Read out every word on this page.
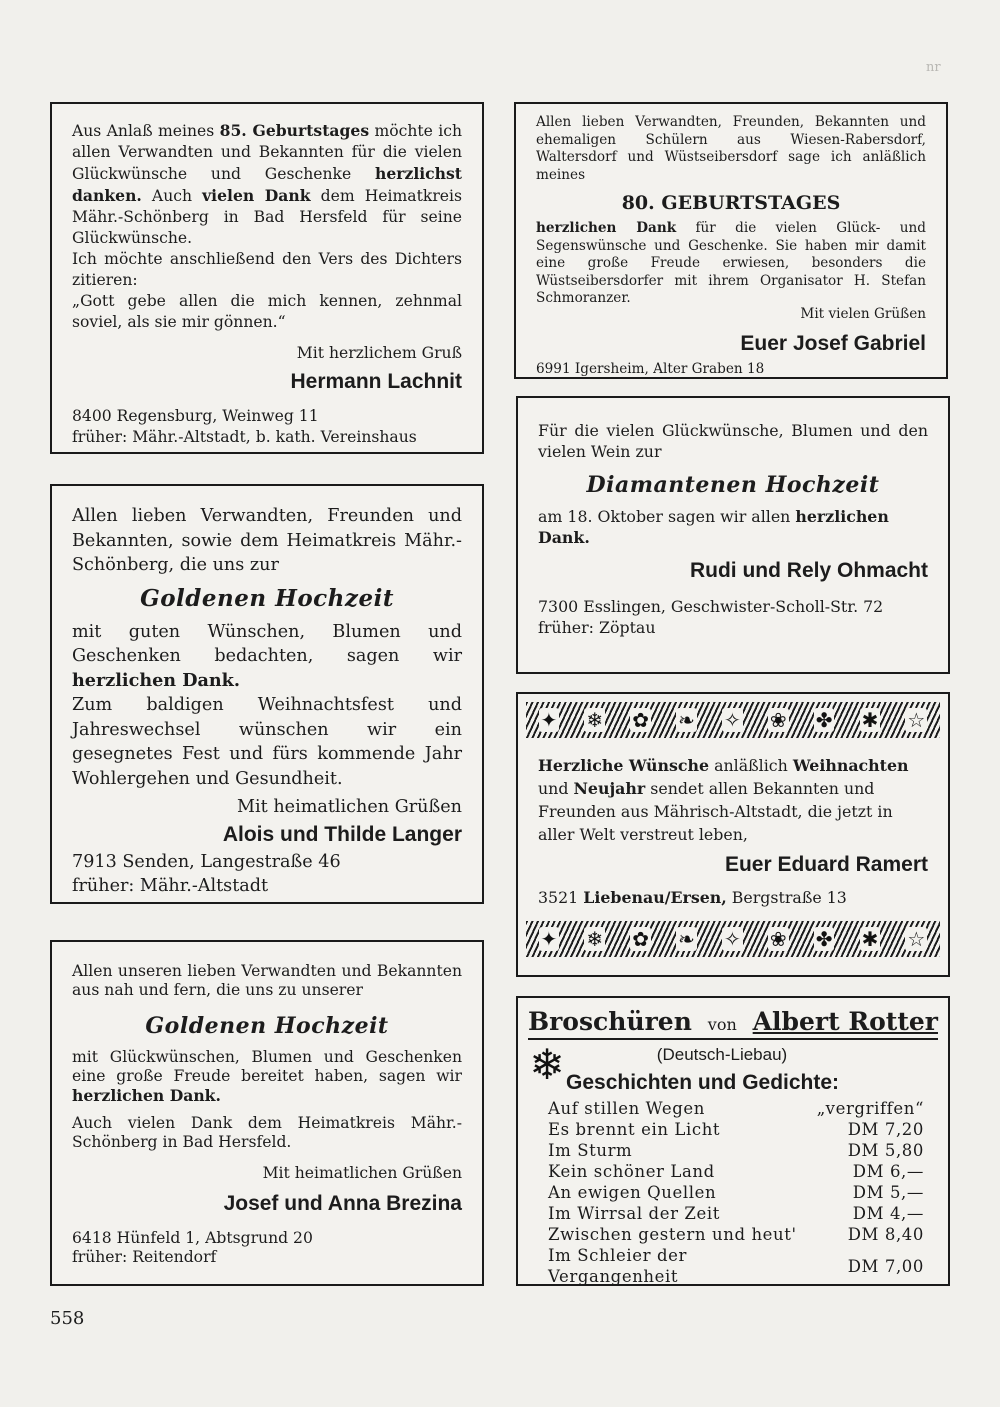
nr

Aus Anlaß meines 85. Geburtstages möchte ich allen Verwandten und Bekannten für die vielen Glückwünsche und Geschenke herzlichst danken. Auch vielen Dank dem Heimatkreis Mähr.-Schönberg in Bad Hersfeld für seine Glückwünsche.

Ich möchte anschließend den Vers des Dichters zitieren:

„Gott gebe allen die mich kennen, zehnmal soviel, als sie mir gönnen.“

Mit herzlichem Gruß

Hermann Lachnit

8400 Regensburg, Weinweg 11

früher: Mähr.-Altstadt, b. kath. Vereinshaus

Allen lieben Verwandten, Freunden, Bekannten und ehemaligen Schülern aus Wiesen-Rabersdorf, Waltersdorf und Wüstseibersdorf sage ich anläßlich meines

80. GEBURTSTAGES

herzlichen Dank für die vielen Glück- und Segenswünsche und Geschenke. Sie haben mir damit eine große Freude erwiesen, besonders die Wüstseibersdorfer mit ihrem Organisator H. Stefan Schmoranzer.

Mit vielen Grüßen

Euer Josef Gabriel

6991 Igersheim, Alter Graben 18

Allen lieben Verwandten, Freunden und Bekannten, sowie dem Heimatkreis Mähr.-Schönberg, die uns zur

Goldenen Hochzeit

mit guten Wünschen, Blumen und Geschenken bedachten, sagen wir herzlichen Dank.

Zum baldigen Weihnachtsfest und Jahreswechsel wünschen wir ein gesegnetes Fest und fürs kommende Jahr Wohlergehen und Gesundheit.

Mit heimatlichen Grüßen

Alois und Thilde Langer

7913 Senden, Langestraße 46

früher: Mähr.-Altstadt

Für die vielen Glückwünsche, Blumen und den vielen Wein zur

Diamantenen Hochzeit

am 18. Oktober sagen wir allen herzlichen Dank.

Rudi und Rely Ohmacht

7300 Esslingen, Geschwister-Scholl-Str. 72

früher: Zöptau

✦ ❄ ✿ ❧ ✧ ❀ ✤ ✱ ☆

Herzliche Wünsche anläßlich Weihnachten und Neujahr sendet allen Bekannten und Freunden aus Mährisch-Altstadt, die jetzt in aller Welt verstreut leben,

Euer Eduard Ramert

3521 Liebenau/Ersen, Bergstraße 13

✦ ❄ ✿ ❧ ✧ ❀ ✤ ✱ ☆

Allen unseren lieben Verwandten und Bekannten aus nah und fern, die uns zu unserer

Goldenen Hochzeit

mit Glückwünschen, Blumen und Geschenken eine große Freude bereitet haben, sagen wir herzlichen Dank.

Auch vielen Dank dem Heimatkreis Mähr.-Schönberg in Bad Hersfeld.

Mit heimatlichen Grüßen

Josef und Anna Brezina

6418 Hünfeld 1, Abtsgrund 20

früher: Reitendorf

Broschüren von Albert Rotter
❄	(Deutsch-Liebau)

Geschichten und Gedichte:

Auf stillen Wegen	„vergriffen“
Es brennt ein Licht	DM 7,20
Im Sturm	DM 5,80
Kein schöner Land	DM 6,—
An ewigen Quellen	DM 5,—
Im Wirrsal der Zeit	DM 4,—
Zwischen gestern und heut'	DM 8,40
Im Schleier der Vergangenheit	DM 7,00
558
